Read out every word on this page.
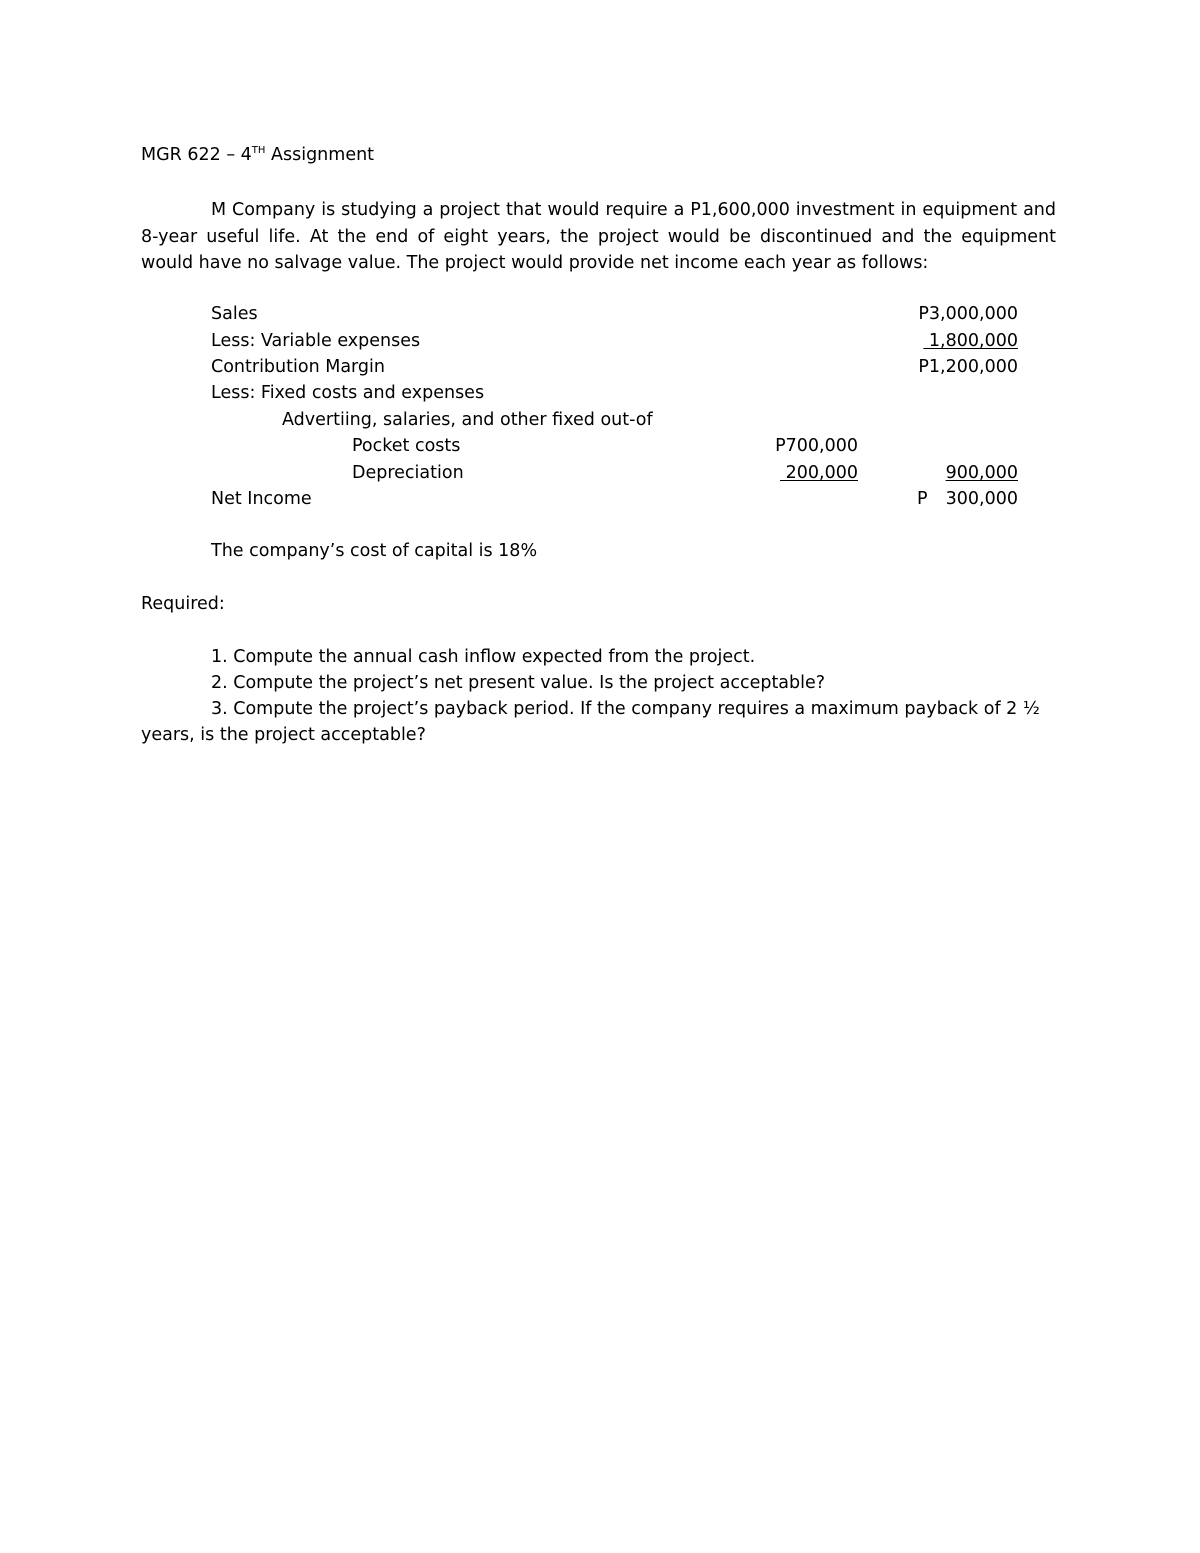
MGR 622 – 4TH Assignment
M Company is studying a project that would require a P1,600,000 investment in equipment and 8-year useful life. At the end of eight years, the project would be discontinued and the equipment would have no salvage value. The project would provide net income each year as follows:
Sales	P3,000,000
Less: Variable expenses	1,800,000
Contribution Margin	P1,200,000
Less: Fixed costs and expenses
Advertiing, salaries, and other fixed out-of
Pocket costs	P700,000
Depreciation	200,000	900,000
Net Income	P 300,000
The company’s cost of capital is 18%
Required:
1. Compute the annual cash inflow expected from the project.
2. Compute the project’s net present value. Is the project acceptable?
3. Compute the project’s payback period. If the company requires a maximum payback of 2 ½
years, is the project acceptable?
